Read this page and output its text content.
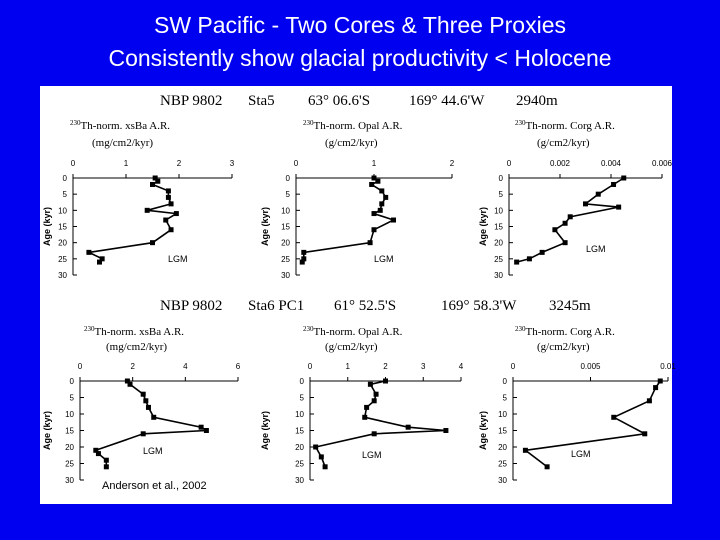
SW Pacific - Two Cores & Three Proxies
Consistently show glacial productivity < Holocene
NBP 9802 Sta5 63° 06.6'S	169° 44.6'W 2940m
NBP 9802 Sta6 PC1 61° 52.5'S	169° 58.3'W 3245m
Anderson et al., 2002
$^{230}$Th-norm. xsBa A.R.
(mg/cm2/kyr)
0	1	2	3
0
5
10
15
20
25
30
Age (kyr)
LGM
$^{230}$Th-norm. Opal A.R.
(g/cm2/kyr)
0	1	2
0
5
10
15
20
25
30
Age (kyr)
LGM
$^{230}$Th-norm. Corg A.R.
(g/cm2/kyr)
0	0.002	0.004	0.006
0
5
10
15
20
25
30
Age (kyr)
LGM
$^{230}$Th-norm. xsBa A.R.
(mg/cm2/kyr)
0	2	4	6
0
5
10
15
20
25
30
Age (kyr)
LGM
$^{230}$Th-norm. Opal A.R.
(g/cm2/kyr)
0	1	2	3	4
0
5
10
15
20
25
30
Age (kyr)
LGM
$^{230}$Th-norm. Corg A.R.
(g/cm2/kyr)
0	0.005	0.01
0
5
10
15
20
25
30
Age (kyr)
LGM
